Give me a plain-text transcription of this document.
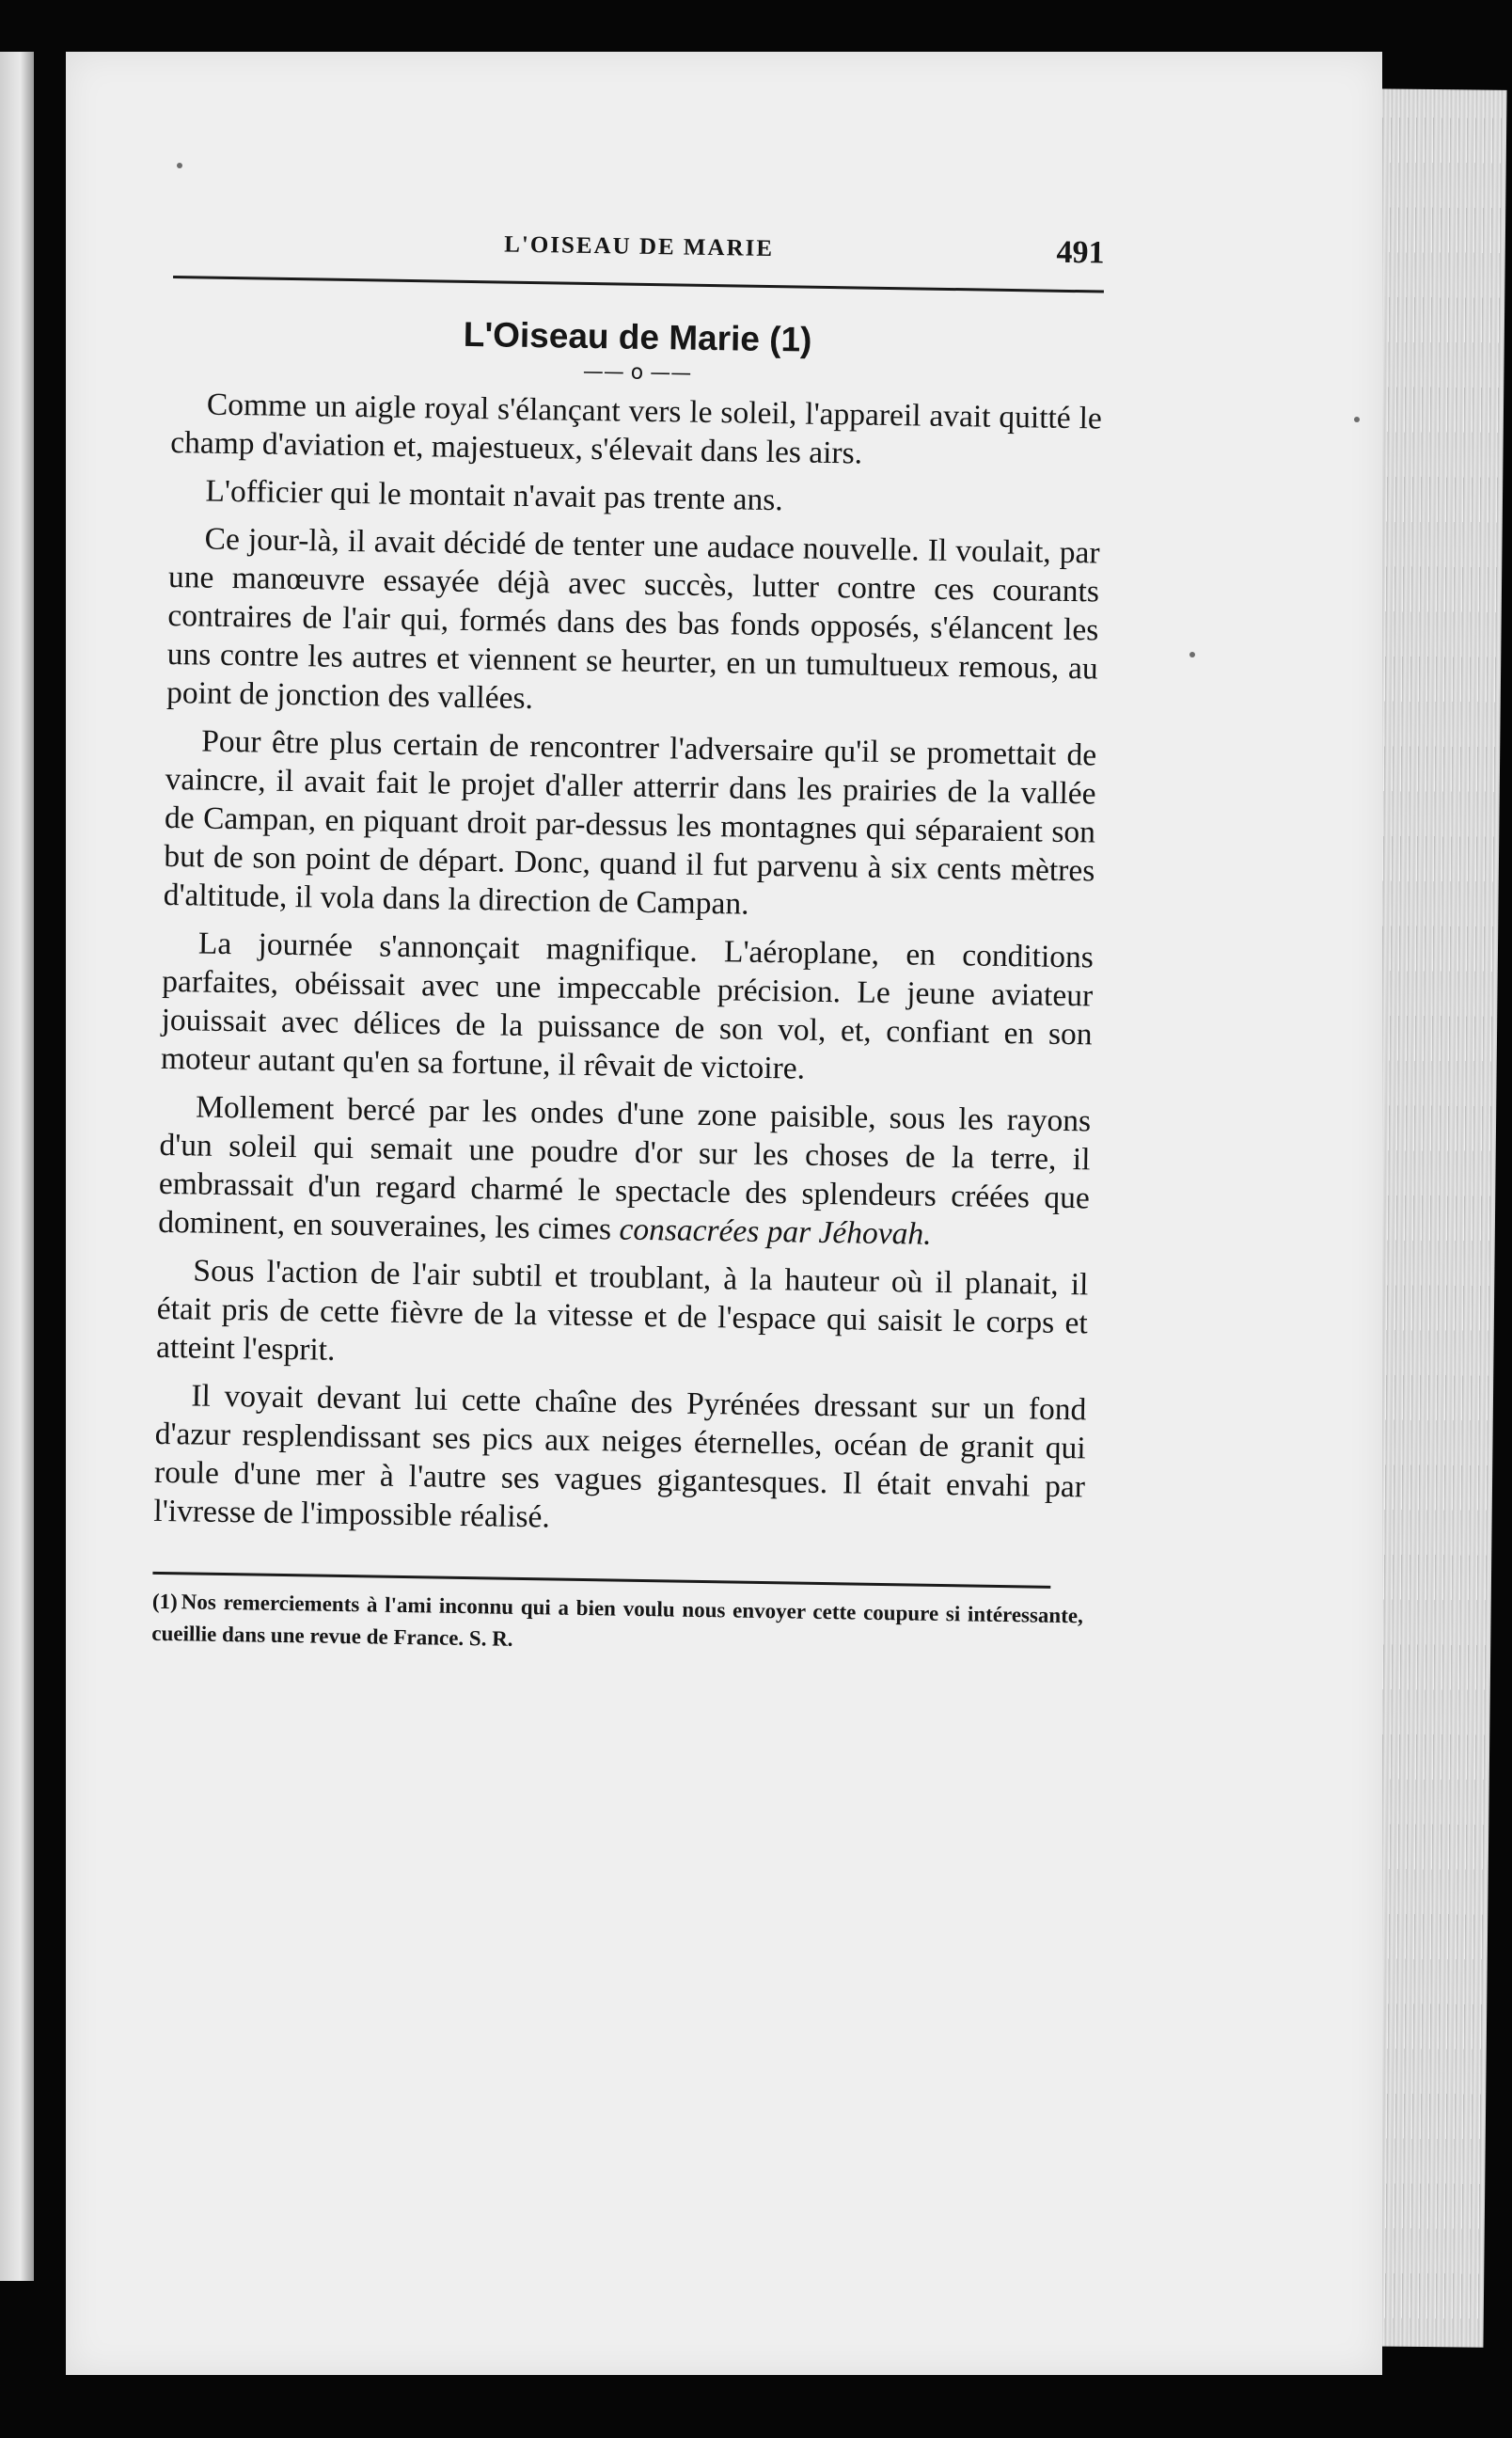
L'OISEAU DE MARIE	491
L'Oiseau de Marie (1)
—— o ——

Comme un aigle royal s'élançant vers le soleil, l'appareil avait quitté le champ d'aviation et, majestueux, s'élevait dans les airs.

L'officier qui le montait n'avait pas trente ans.

Ce jour-là, il avait décidé de tenter une audace nouvelle. Il voulait, par une manœuvre essayée déjà avec succès, lutter contre ces courants contraires de l'air qui, formés dans des bas fonds opposés, s'élancent les uns contre les autres et viennent se heurter, en un tumultueux remous, au point de jonction des vallées.

Pour être plus certain de rencontrer l'adversaire qu'il se promettait de vaincre, il avait fait le projet d'aller atterrir dans les prairies de la vallée de Campan, en piquant droit par-dessus les montagnes qui séparaient son but de son point de départ. Donc, quand il fut parvenu à six cents mètres d'altitude, il vola dans la direction de Campan.

La journée s'annonçait magnifique. L'aéroplane, en conditions parfaites, obéissait avec une impeccable précision. Le jeune aviateur jouissait avec délices de la puissance de son vol, et, confiant en son moteur autant qu'en sa fortune, il rêvait de victoire.

Mollement bercé par les ondes d'une zone paisible, sous les rayons d'un soleil qui semait une poudre d'or sur les choses de la terre, il embrassait d'un regard charmé le spectacle des splendeurs créées que dominent, en souveraines, les cimes consacrées par Jéhovah.

Sous l'action de l'air subtil et troublant, à la hauteur où il planait, il était pris de cette fièvre de la vitesse et de l'espace qui saisit le corps et atteint l'esprit.

Il voyait devant lui cette chaîne des Pyrénées dressant sur un fond d'azur resplendissant ses pics aux neiges éternelles, océan de granit qui roule d'une mer à l'autre ses vagues gigantesques. Il était envahi par l'ivresse de l'impossible réalisé.

(1) Nos remerciements à l'ami inconnu qui a bien voulu nous envoyer cette coupure si intéressante, cueillie dans une revue de France. S. R.
